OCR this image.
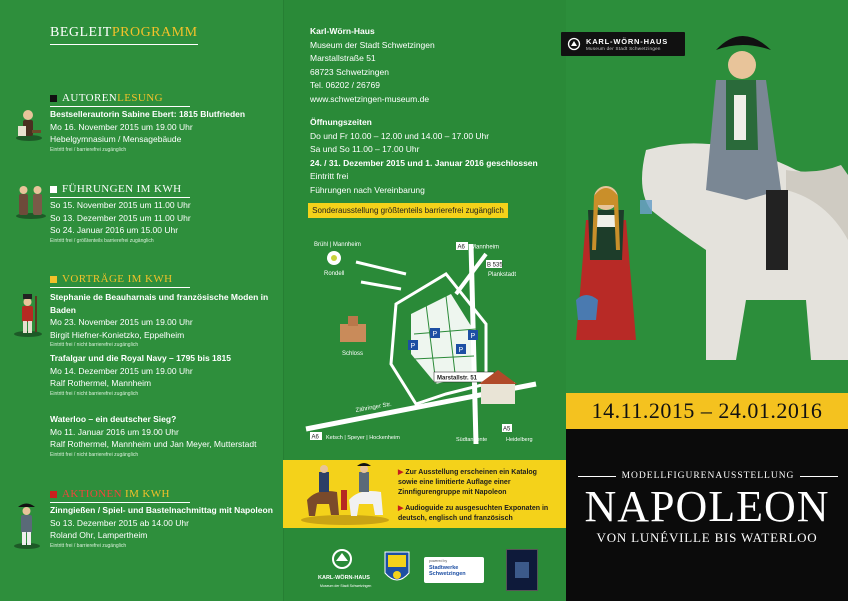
BEGLEITPROGRAMM
AUTOREN LESUNG
Bestsellerautorin Sabine Ebert: 1815 Blutfrieden
Mo 16. November 2015 um 19.00 Uhr
Hebelgymnasium / Mensagebäude
Eintritt frei / barrierefrei zugänglich
FÜHRUNGEN IM KWH
So 15. November 2015 um 11.00 Uhr
So 13. Dezember 2015 um 11.00 Uhr
So 24. Januar 2016 um 15.00 Uhr
Eintritt frei / größtenteils barrierefrei zugänglich
VORTRÄGE IM KWH
Stephanie de Beauharnais und französische Moden in Baden
Mo 23. November 2015 um 19.00 Uhr
Birgit Hiefner-Konietzko, Eppelheim
Eintritt frei / nicht barrierefrei zugänglich
Trafalgar und die Royal Navy – 1795 bis 1815
Mo 14. Dezember 2015 um 19.00 Uhr
Ralf Rothermel, Mannheim
Eintritt frei / nicht barrierefrei zugänglich
Waterloo – ein deutscher Sieg?
Mo 11. Januar 2016 um 19.00 Uhr
Ralf Rothermel, Mannheim und Jan Meyer, Mutterstadt
Eintritt frei / nicht barrierefrei zugänglich
AKTIONEN IM KWH
Zinngießen / Spiel- und Bastelnachmittag mit Napoleon
So 13. Dezember 2015 ab 14.00 Uhr
Roland Ohr, Lampertheim
Eintritt frei / barrierefrei zugänglich
Karl-Wörn-Haus
Museum der Stadt Schwetzingen
Marstallstraße 51
68723 Schwetzingen
Tel. 06202 / 26769
www.schwetzingen-museum.de
Öffnungszeiten
Do und Fr 10.00 – 12.00 und 14.00 – 17.00 Uhr
Sa und So 11.00 – 17.00 Uhr
24. / 31. Dezember 2015 und 1. Januar 2016 geschlossen
Eintritt frei
Führungen nach Vereinbarung
Sonderausstellung größtenteils barrierefrei zugänglich
Brühl | Mannheim
Rondell
A6 Mannheim
B 535
Plankstadt
Schloss
P
P
P
P
Marstallstr. 51
Zähringer Str.
A6 Ketsch | Speyer | Hockenheim	Südtangente
A5
Heidelberg

▶ Zur Ausstellung erscheinen ein Katalog sowie eine limitierte Auflage einer Zinnfigurengruppe mit Napoleon

▶ Audioguide zu ausgesuchten Exponaten in deutsch, englisch und französisch

KARL-WÖRN-HAUS
Museum der Stadt Schwetzingen
powered by
Stadtwerke Schwetzingen
KARL-WÖRN-HAUS
Museum der Stadt Schwetzingen
14.11.2015 – 24.01.2016
MODELLFIGURENAUSSTELLUNG
NAPOLEON
VON LUNÉVILLE BIS WATERLOO
